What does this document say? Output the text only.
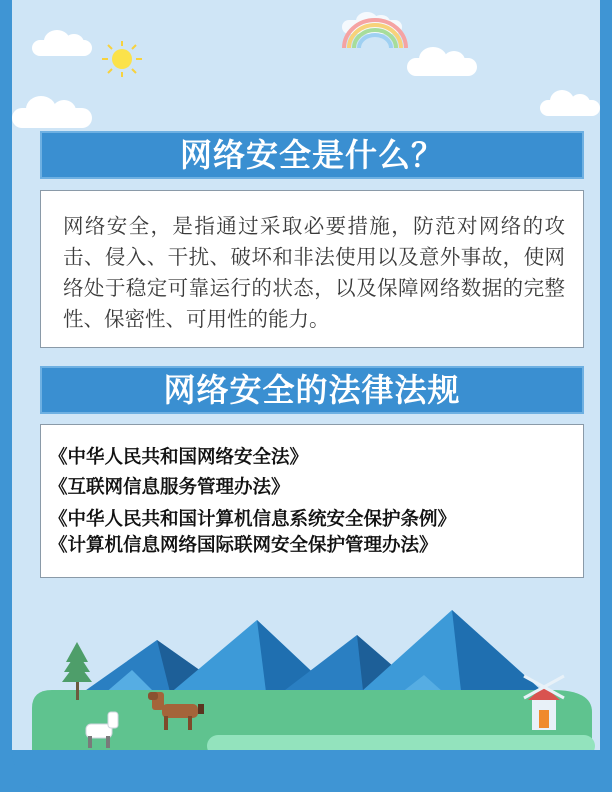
网络安全是什么？

网络安全，是指通过采取必要措施，防范对网络的攻击、侵入、干扰、破坏和非法使用以及意外事故，使网络处于稳定可靠运行的状态，以及保障网络数据的完整性、保密性、可用性的能力。

网络安全的法律法规
《中华人民共和国网络安全法》
《互联网信息服务管理办法》
《中华人民共和国计算机信息系统安全保护条例》
《计算机信息网络国际联网安全保护管理办法》
